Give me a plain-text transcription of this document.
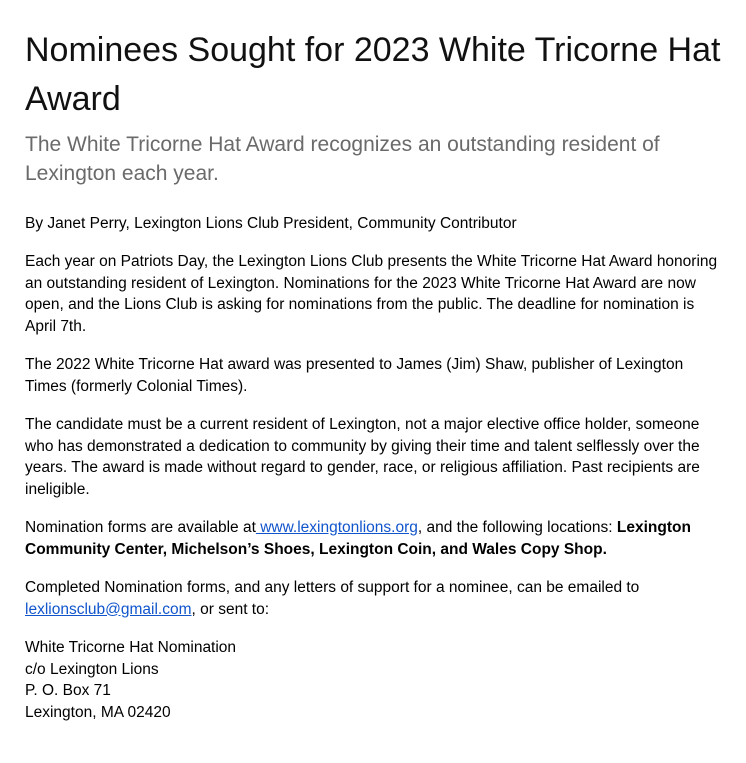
Nominees Sought for 2023 White Tricorne Hat Award
The White Tricorne Hat Award recognizes an outstanding resident of Lexington each year.
By Janet Perry, Lexington Lions Club President, Community Contributor

Each year on Patriots Day, the Lexington Lions Club presents the White Tricorne Hat Award honoring an outstanding resident of Lexington. Nominations for the 2023 White Tricorne Hat Award are now open, and the Lions Club is asking for nominations from the public. The deadline for nomination is April 7th.

The 2022 White Tricorne Hat award was presented to James (Jim) Shaw, publisher of Lexington Times (formerly Colonial Times).

The candidate must be a current resident of Lexington, not a major elective office holder, someone who has demonstrated a dedication to community by giving their time and talent selflessly over the years. The award is made without regard to gender, race, or religious affiliation. Past recipients are ineligible.

Nomination forms are available at www.lexingtonlions.org, and the following locations: Lexington Community Center, Michelson’s Shoes, Lexington Coin, and Wales Copy Shop.

Completed Nomination forms, and any letters of support for a nominee, can be emailed to lexlionsclub@gmail.com, or sent to:

White Tricorne Hat Nomination
c/o Lexington Lions
P. O. Box 71
Lexington, MA 02420
